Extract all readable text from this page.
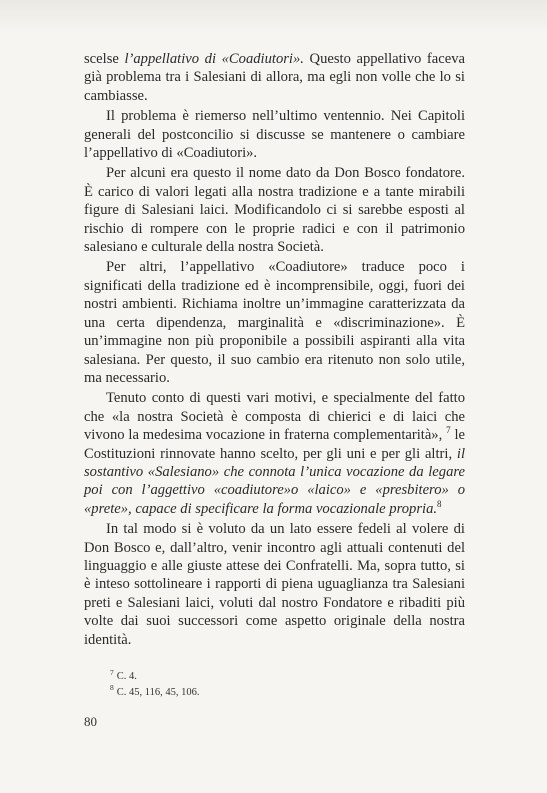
scelse l’appellativo di «Coadiutori». Questo appellativo faceva già problema tra i Salesiani di allora, ma egli non volle che lo si cambiasse.

Il problema è riemerso nell’ultimo ventennio. Nei Capitoli generali del postconcilio si discusse se mantenere o cambiare l’appellativo di «Coadiutori».

Per alcuni era questo il nome dato da Don Bosco fondatore. È carico di valori legati alla nostra tradizione e a tante mirabili figure di Salesiani laici. Modificandolo ci si sarebbe esposti al rischio di rompere con le proprie radici e con il patrimonio salesiano e culturale della nostra Società.

Per altri, l’appellativo «Coadiutore» traduce poco i significati della tradizione ed è incomprensibile, oggi, fuori dei nostri ambienti. Richiama inoltre un’immagine caratterizzata da una certa dipendenza, marginalità e «discriminazione». È un’immagine non più proponibile a possibili aspiranti alla vita salesiana. Per questo, il suo cambio era ritenuto non solo utile, ma necessario.

Tenuto conto di questi vari motivi, e specialmente del fatto che «la nostra Società è composta di chierici e di laici che vivono la medesima vocazione in fraterna complementarità», $^7$ le Costituzioni rinnovate hanno scelto, per gli uni e per gli altri, il sostantivo «Salesiano» che connota l’unica vocazione da legare poi con l’aggettivo «coadiutore»o «laico» e «presbitero» o «prete», capace di specificare la forma vocazionale propria.$^8$

In tal modo si è voluto da un lato essere fedeli al volere di Don Bosco e, dall’altro, venir incontro agli attuali contenuti del linguaggio e alle giuste attese dei Confratelli. Ma, sopra tutto, si è inteso sottolineare i rapporti di piena uguaglianza tra Salesiani preti e Salesiani laici, voluti dal nostro Fondatore e ribaditi più volte dai suoi successori come aspetto originale della nostra identità.

$^7$ C. 4.
$^8$ C. 45, 116, 45, 106.
80
